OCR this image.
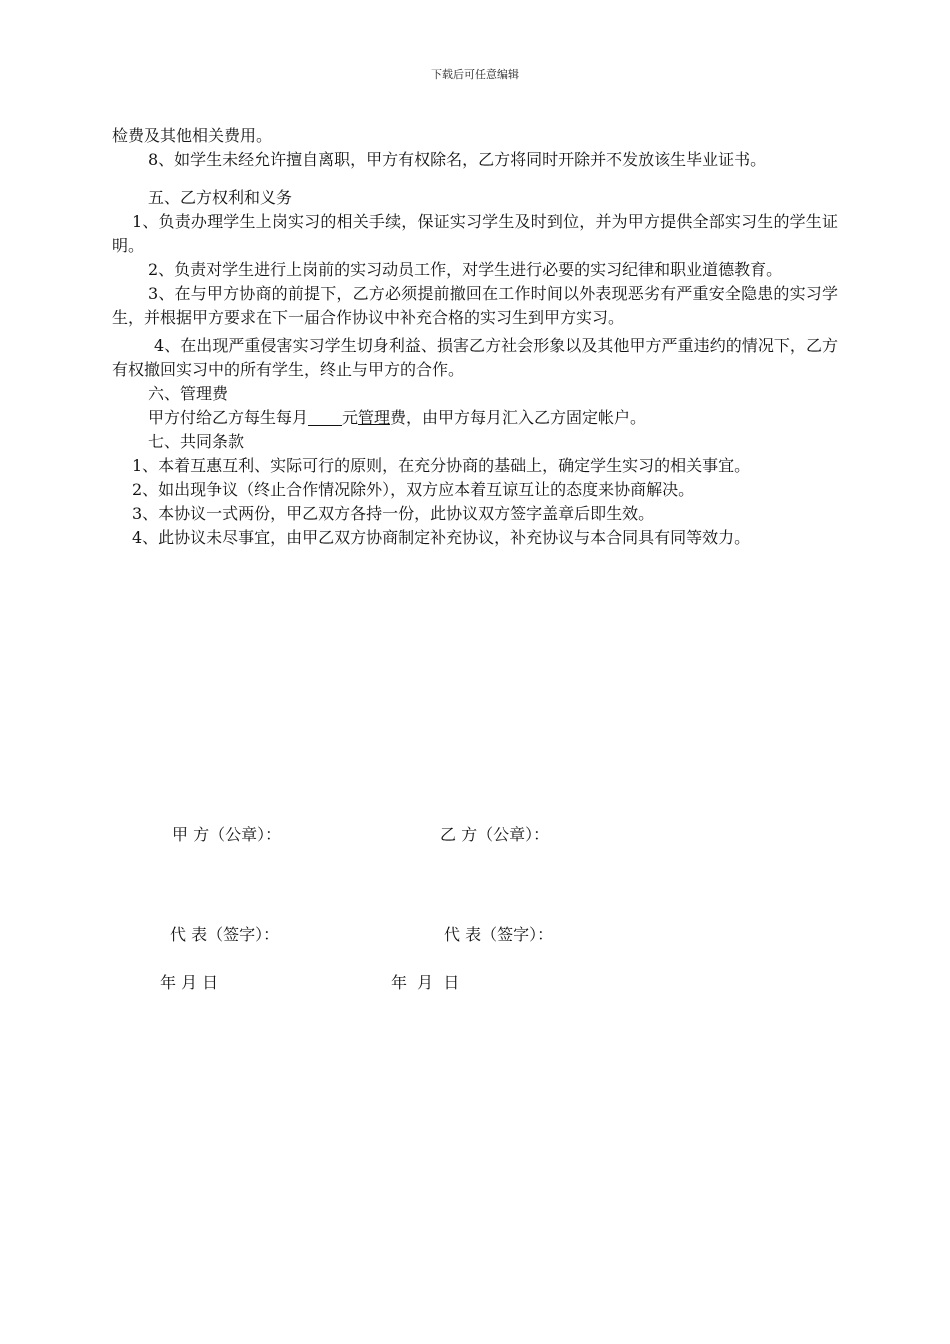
下载后可任意编辑

检费及其他相关费用。

8、如学生未经允许擅自离职，甲方有权除名，乙方将同时开除并不发放该生毕业证书。

五、乙方权利和义务

1、负责办理学生上岗实习的相关手续，保证实习学生及时到位，并为甲方提供全部实习生的学生证明。

2、负责对学生进行上岗前的实习动员工作，对学生进行必要的实习纪律和职业道德教育。

3、在与甲方协商的前提下，乙方必须提前撤回在工作时间以外表现恶劣有严重安全隐患的实习学生，并根据甲方要求在下一届合作协议中补充合格的实习生到甲方实习。

4、在出现严重侵害实习学生切身利益、损害乙方社会形象以及其他甲方严重违约的情况下，乙方有权撤回实习中的所有学生，终止与甲方的合作。

六、管理费

甲方付给乙方每生每月 元管理费，由甲方每月汇入乙方固定帐户。

七、共同条款

1、本着互惠互利、实际可行的原则，在充分协商的基础上，确定学生实习的相关事宜。

2、如出现争议（终止合作情况除外），双方应本着互谅互让的态度来协商解决。

3、本协议一式两份，甲乙双方各持一份，此协议双方签字盖章后即生效。

4、此协议未尽事宜，由甲乙双方协商制定补充协议，补充协议与本合同具有同等效力。

甲 方（公章）：	乙 方（公章）：
代 表（签字）：	代 表（签字）：
年 月 日	年  月  日
